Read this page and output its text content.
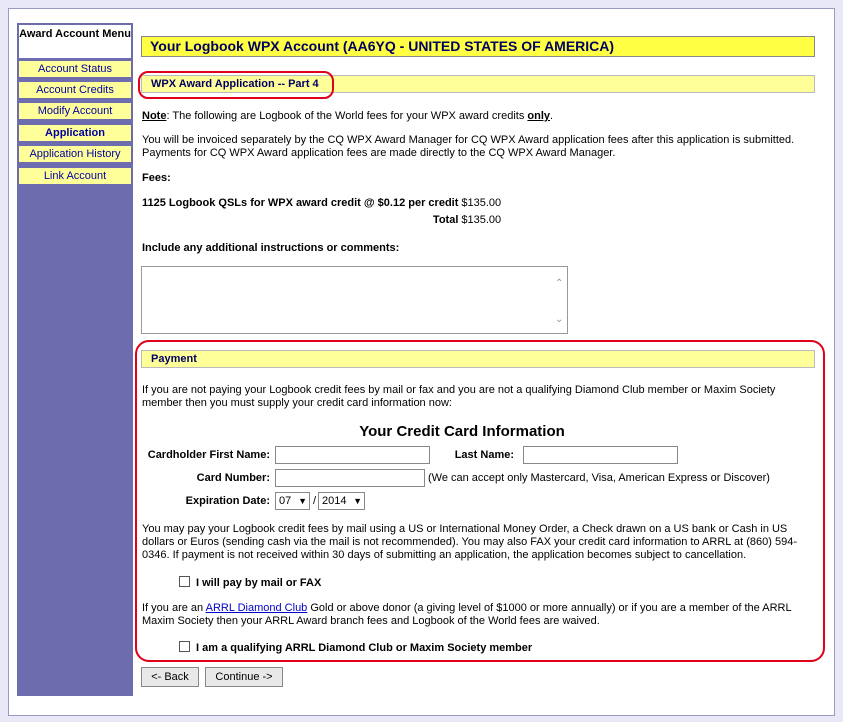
Award Account Menu
Account Status
Account Credits
Modify Account
Application
Application History
Link Account
Your Logbook WPX Account (AA6YQ - UNITED STATES OF AMERICA)
WPX Award Application -- Part 4
Note: The following are Logbook of the World fees for your WPX award credits only.
You will be invoiced separately by the CQ WPX Award Manager for CQ WPX Award application fees after this application is submitted. Payments for CQ WPX Award application fees are made directly to the CQ WPX Award Manager.
Fees:
1125 Logbook QSLs for WPX award credit @ $0.12 per credit	$135.00
Total	$135.00
Include any additional instructions or comments:
⌃
⌄
Payment
If you are not paying your Logbook credit fees by mail or fax and you are not a qualifying Diamond Club member or Maxim Society member then you must supply your credit card information now:
Your Credit Card Information
Cardholder First Name:	Last Name:
Card Number:	(We can accept only Mastercard, Visa, American Express or Discover)
Expiration Date: 07 ▼ / 2014 ▼
You may pay your Logbook credit fees by mail using a US or International Money Order, a Check drawn on a US bank or Cash in US dollars or Euros (sending cash via the mail is not recommended). You may also FAX your credit card information to ARRL at (860) 594-0346. If payment is not received within 30 days of submitting an application, the application becomes subject to cancellation.
I will pay by mail or FAX
If you are an ARRL Diamond Club Gold or above donor (a giving level of $1000 or more annually) or if you are a member of the ARRL Maxim Society then your ARRL Award branch fees and Logbook of the World fees are waived.
I am a qualifying ARRL Diamond Club or Maxim Society member
<- Back	Continue ->
